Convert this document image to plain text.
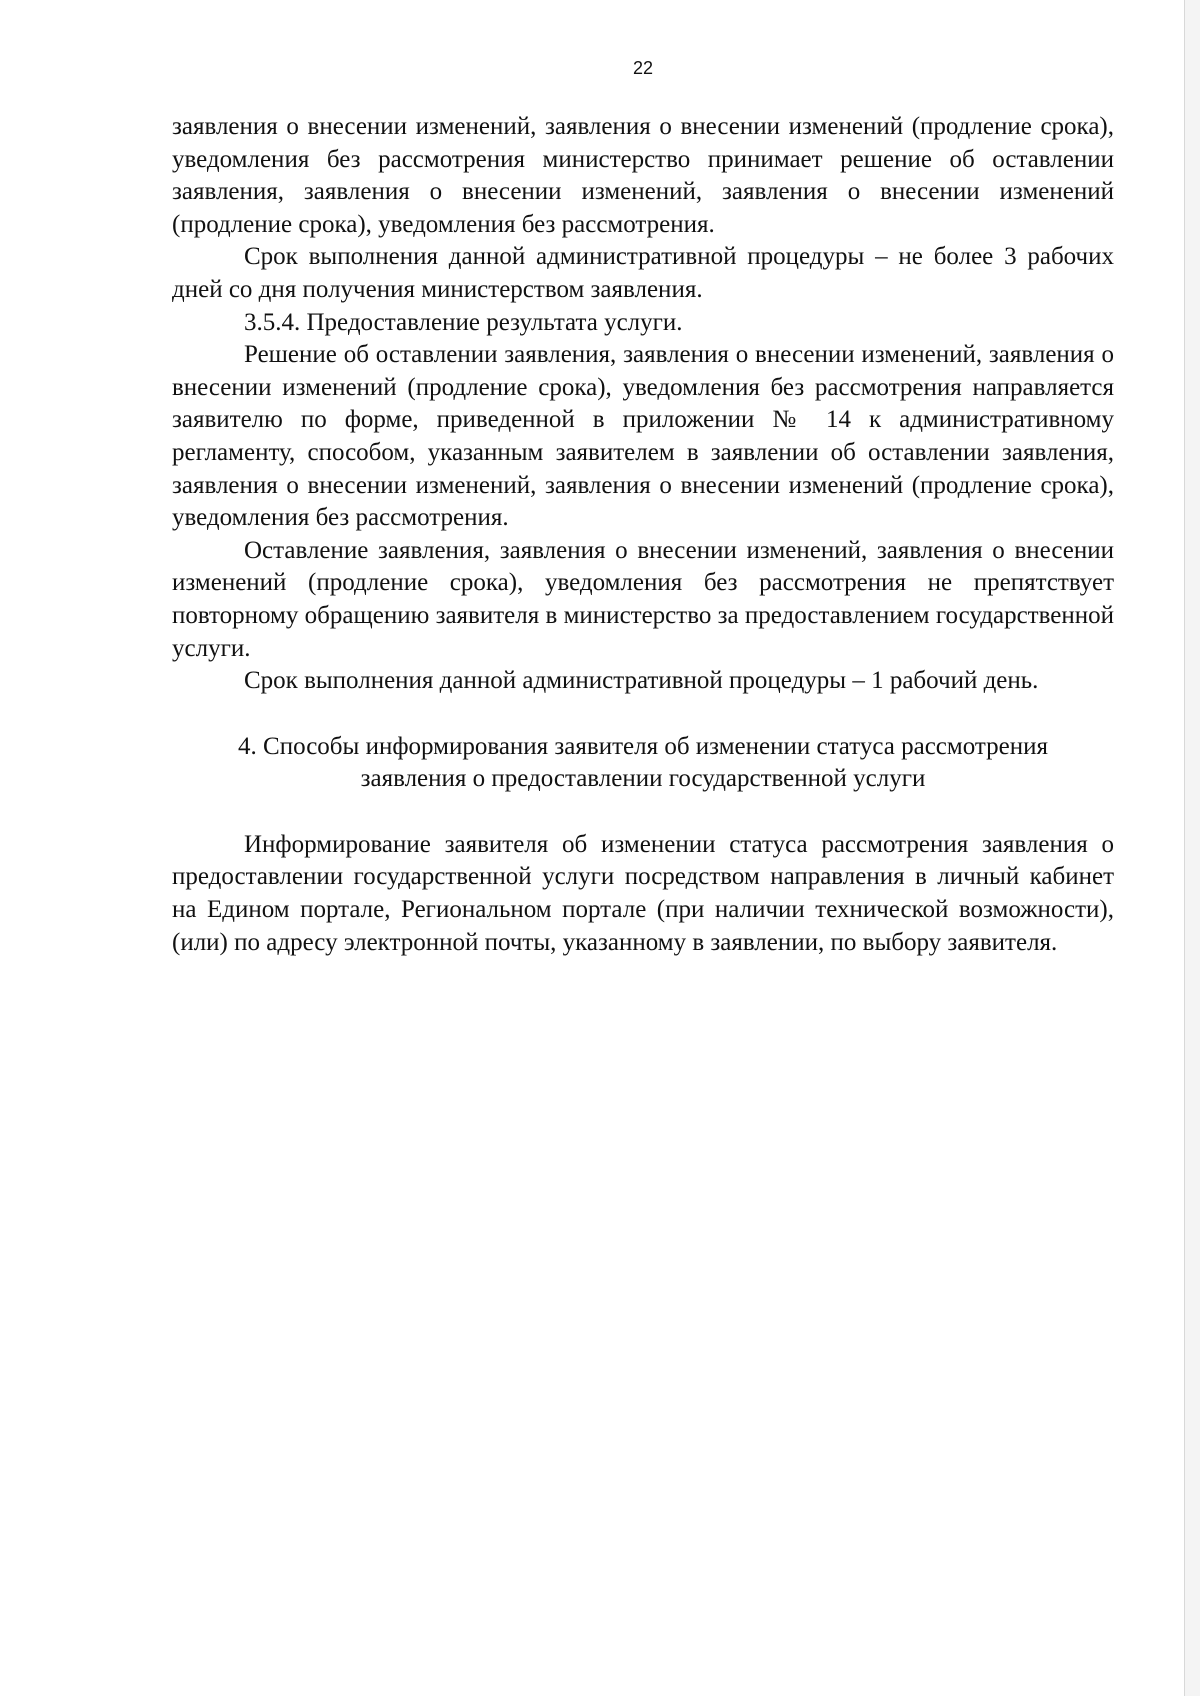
22

заявления о внесении изменений, заявления о внесении изменений (продление срока), уведомления без рассмотрения министерство принимает решение об оставлении заявления, заявления о внесении изменений, заявления о внесении изменений (продление срока), уведомления без рассмотрения.

Срок выполнения данной административной процедуры – не более 3 рабочих дней со дня получения министерством заявления.

3.5.4. Предоставление результата услуги.

Решение об оставлении заявления, заявления о внесении изменений, заявления о внесении изменений (продление срока), уведомления без рассмотрения направляется заявителю по форме, приведенной в приложении № 14 к административному регламенту, способом, указанным заявителем в заявлении об оставлении заявления, заявления о внесении изменений, заявления о внесении изменений (продление срока), уведомления без рассмотрения.

Оставление заявления, заявления о внесении изменений, заявления о внесении изменений (продление срока), уведомления без рассмотрения не препятствует повторному обращению заявителя в министерство за предоставлением государственной услуги.

Срок выполнения данной административной процедуры – 1 рабочий день.

4. Способы информирования заявителя об изменении статуса рассмотрения
заявления о предоставлении государственной услуги

Информирование заявителя об изменении статуса рассмотрения заявления о предоставлении государственной услуги посредством направления в личный кабинет на Едином портале, Региональном портале (при наличии технической возможности), (или) по адресу электронной почты, указанному в заявлении, по выбору заявителя.
